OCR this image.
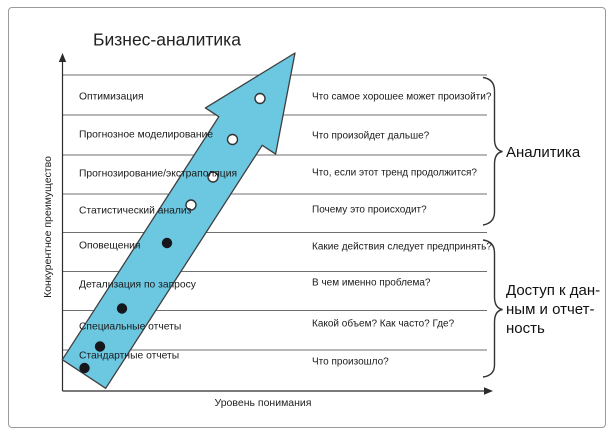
Бизнес-аналитика
Конкурентное преимущество
Уровень понимания
Оптимизация
Прогнозное моделирование
Прогнозирование/экстраполяция
Статистический анализ
Оповещения
Детализация по запросу
Специальные отчеты
Стандартные отчеты
Что самое хорошее может произойти?
Что произойдет дальше?
Что, если этот тренд продолжится?
Почему это происходит?
Какие действия следует предпринять?
В чем именно проблема?
Какой объем? Как часто? Где?
Что произошло?
Аналитика
Доступ к дан-
ным и отчет-
ность
